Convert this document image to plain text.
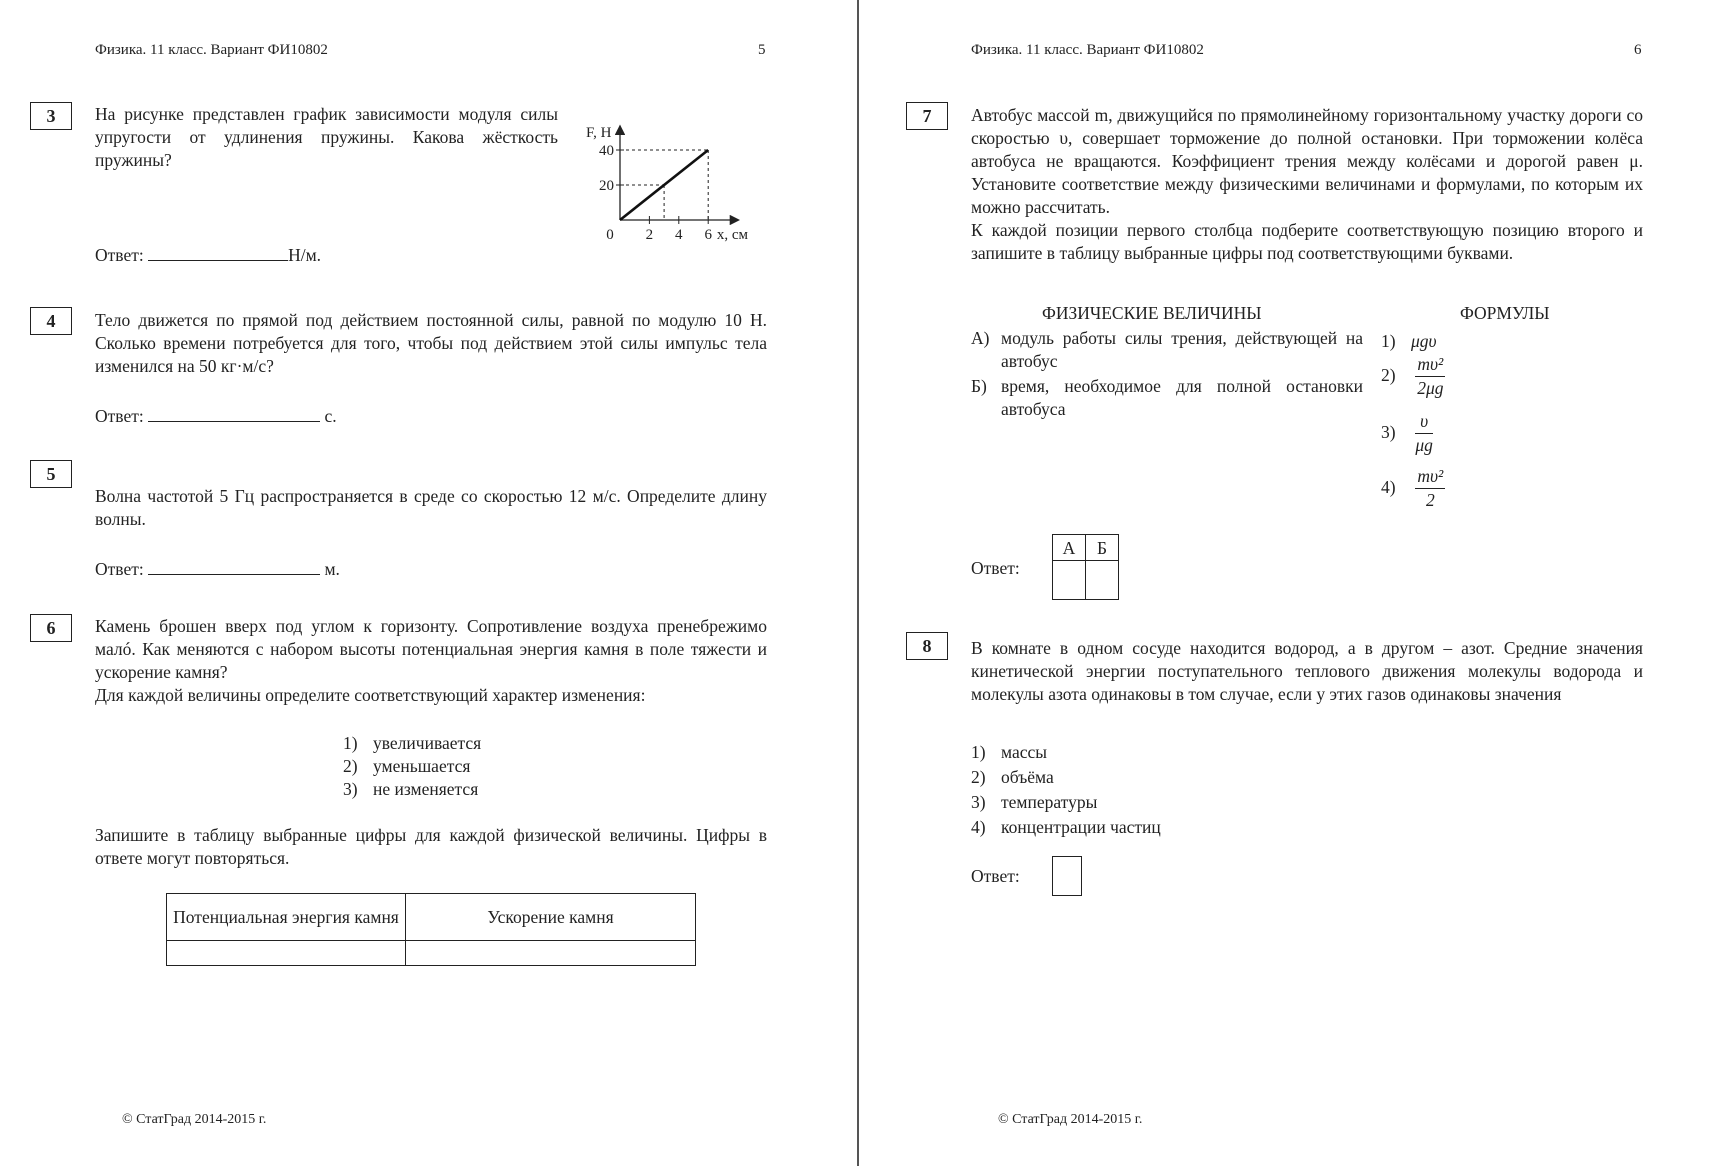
Физика. 11 класс. Вариант ФИ10802	5
3	На рисунке представлен график зависимости модуля силы упругости от удлинения пружины. Какова жёсткость пружины?
0 2 4 6
20
40
F, Н
x, см
Ответ:	Н/м.
4	Тело движется по прямой под действием постоянной силы, равной по модулю 10 Н. Сколько времени потребуется для того, чтобы под действием этой силы импульс тела изменился на 50 кг·м/с?
Ответ:	с.
5
Волна частотой 5 Гц распространяется в среде со скоростью 12 м/с. Определите длину волны.
Ответ:	м.
6	Камень брошен вверх под углом к горизонту. Сопротивление воздуха пренебрежимо малó. Как меняются с набором высоты потенциальная энергия камня в поле тяжести и ускорение камня?

Для каждой величины определите соответствующий характер изменения:

1) увеличивается
2) уменьшается
3) не изменяется
Запишите в таблицу выбранные цифры для каждой физической величины. Цифры в ответе могут повторяться.
Потенциальная энергия камня	Ускорение камня

© СтатГрад 2014-2015 г.
Физика. 11 класс. Вариант ФИ10802	6
7	Автобус массой m, движущийся по прямолинейному горизонтальному участку дороги со скоростью υ, совершает торможение до полной остановки. При торможении колёса автобуса не вращаются. Коэффициент трения между колёсами и дорогой равен μ. Установите соответствие между физическими величинами и формулами, по которым их можно рассчитать.

К каждой позиции первого столбца подберите соответствующую позицию второго и запишите в таблицу выбранные цифры под соответствующими буквами.

ФИЗИЧЕСКИЕ ВЕЛИЧИНЫ	ФОРМУЛЫ
А) модуль работы силы трения, действующей на автобус
Б) время, необходимое для полной остановки автобуса
1) μgυ
$2) \frac{\text{mυ²}}{2\mu g}$
$3) \frac{\upsilon}{\mu g}$
$4) \frac{\text{mυ²}}{2}$
Ответ:
А	Б

8	В комнате в одном сосуде находится водород, а в другом – азот. Средние значения кинетической энергии поступательного теплового движения молекулы водорода и молекулы азота одинаковы в том случае, если у этих газов одинаковы значения
1) массы
2) объёма
3) температуры
4) концентрации частиц
Ответ:
© СтатГрад 2014-2015 г.
